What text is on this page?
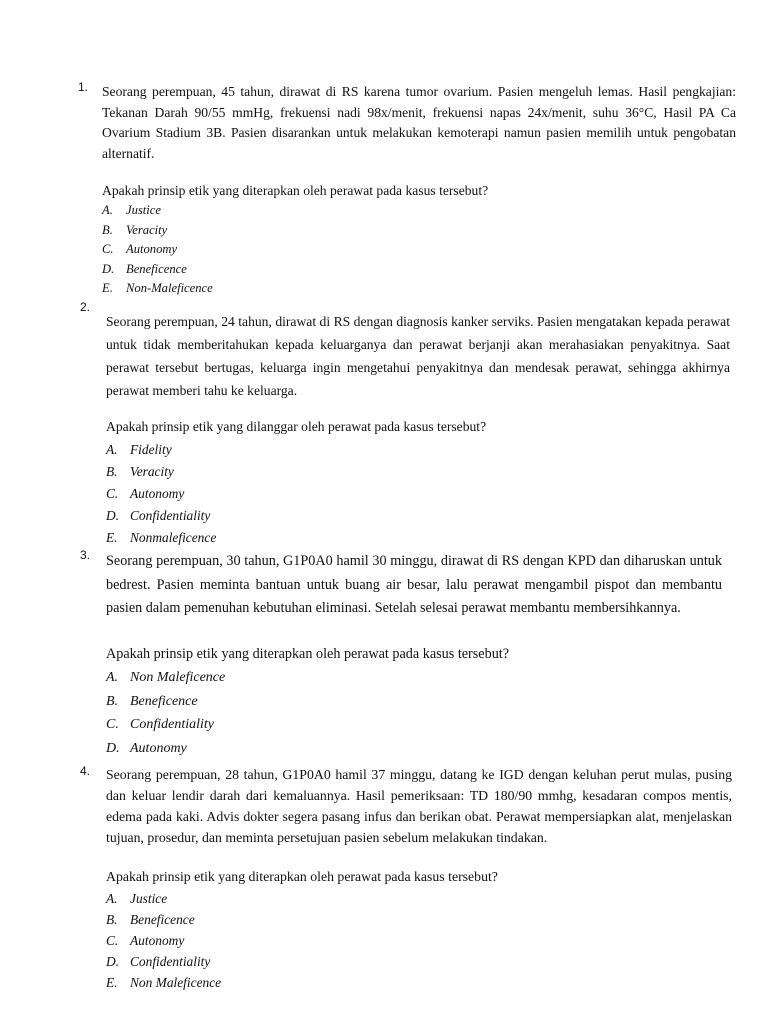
1. Seorang perempuan, 45 tahun, dirawat di RS karena tumor ovarium. Pasien mengeluh lemas. Hasil pengkajian: Tekanan Darah 90/55 mmHg, frekuensi nadi 98x/menit, frekuensi napas 24x/menit, suhu 36°C, Hasil PA Ca Ovarium Stadium 3B. Pasien disarankan untuk melakukan kemoterapi namun pasien memilih untuk pengobatan alternatif.

Apakah prinsip etik yang diterapkan oleh perawat pada kasus tersebut?

A. Justice
B. Veracity
C. Autonomy
D. Beneficence
E. Non-Maleficence
2.

Seorang perempuan, 24 tahun, dirawat di RS dengan diagnosis kanker serviks. Pasien mengatakan kepada perawat untuk tidak memberitahukan kepada keluarganya dan perawat berjanji akan merahasiakan penyakitnya. Saat perawat tersebut bertugas, keluarga ingin mengetahui penyakitnya dan mendesak perawat, sehingga akhirnya perawat memberi tahu ke keluarga.

Apakah prinsip etik yang dilanggar oleh perawat pada kasus tersebut?

A. Fidelity
B. Veracity
C. Autonomy
D. Confidentiality
E. Nonmaleficence
3. Seorang perempuan, 30 tahun, G1P0A0 hamil 30 minggu, dirawat di RS dengan KPD dan diharuskan untuk bedrest. Pasien meminta bantuan untuk buang air besar, lalu perawat mengambil pispot dan membantu pasien dalam pemenuhan kebutuhan eliminasi. Setelah selesai perawat membantu membersihkannya.

Apakah prinsip etik yang diterapkan oleh perawat pada kasus tersebut?

A. Non Maleficence
B. Beneficence
C. Confidentiality
D. Autonomy
4. Seorang perempuan, 28 tahun, G1P0A0 hamil 37 minggu, datang ke IGD dengan keluhan perut mulas, pusing dan keluar lendir darah dari kemaluannya. Hasil pemeriksaan: TD 180/90 mmhg, kesadaran compos mentis, edema pada kaki. Advis dokter segera pasang infus dan berikan obat. Perawat mempersiapkan alat, menjelaskan tujuan, prosedur, dan meminta persetujuan pasien sebelum melakukan tindakan.

Apakah prinsip etik yang diterapkan oleh perawat pada kasus tersebut?

A. Justice
B. Beneficence
C. Autonomy
D. Confidentiality
E. Non Maleficence
